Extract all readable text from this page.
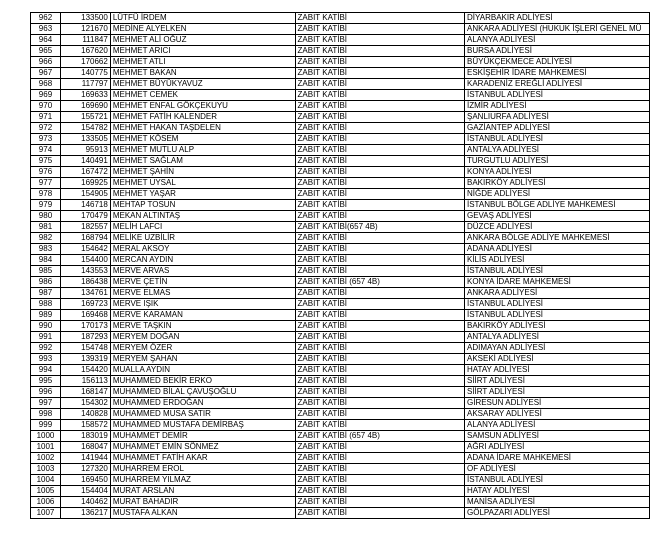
962	133500	LÜTFÜ İRDEM	ZABIT KATİBİ	DİYARBAKIR ADLİYESİ
963	121670	MEDİNE ALYELKEN	ZABIT KATİBİ	ANKARA ADLİYESİ (HUKUK İŞLERİ GENEL MÜ
964	111847	MEHMET ALİ OĞUZ	ZABIT KATİBİ	ALANYA ADLİYESİ
965	167620	MEHMET ARICI	ZABIT KATİBİ	BURSA ADLİYESİ
966	170662	MEHMET ATLI	ZABIT KATİBİ	BÜYÜKÇEKMECE ADLİYESİ
967	140775	MEHMET BAKAN	ZABIT KATİBİ	ESKİŞEHİR İDARE MAHKEMESİ
968	117797	MEHMET BÜYÜKYAVUZ	ZABIT KATİBİ	KARADENİZ EREĞLİ ADLİYESİ
969	169633	MEHMET CEMEK	ZABIT KATİBİ	İSTANBUL ADLİYESİ
970	169690	MEHMET ENFAL GÖKÇEKUYU	ZABIT KATİBİ	İZMİR ADLİYESİ
971	155721	MEHMET FATİH KALENDER	ZABIT KATİBİ	ŞANLIURFA ADLİYESİ
972	154782	MEHMET HAKAN TAŞDELEN	ZABIT KATİBİ	GAZİANTEP ADLİYESİ
973	133505	MEHMET KÖSEM	ZABIT KATİBİ	İSTANBUL ADLİYESİ
974	95913	MEHMET MUTLU ALP	ZABIT KATİBİ	ANTALYA ADLİYESİ
975	140491	MEHMET SAĞLAM	ZABIT KATİBİ	TURGUTLU ADLİYESİ
976	167472	MEHMET ŞAHİN	ZABIT KATİBİ	KONYA ADLİYESİ
977	169925	MEHMET UYSAL	ZABIT KATİBİ	BAKIRKÖY ADLİYESİ
978	154905	MEHMET YAŞAR	ZABIT KATİBİ	NİĞDE ADLİYESİ
979	146718	MEHTAP TOSUN	ZABIT KATİBİ	İSTANBUL BÖLGE ADLİYE MAHKEMESİ
980	170479	MEKAN ALTINTAŞ	ZABIT KATİBİ	GEVAŞ ADLİYESİ
981	182557	MELİH LAFCI	ZABIT KATİBİ(657 4B)	DÜZCE ADLİYESİ
982	168794	MELİKE UZBİLİR	ZABIT KATİBİ	ANKARA BÖLGE ADLİYE MAHKEMESİ
983	154642	MERAL AKSOY	ZABIT KATİBİ	ADANA ADLİYESİ
984	154400	MERCAN AYDIN	ZABIT KATİBİ	KİLİS ADLİYESİ
985	143553	MERVE ARVAS	ZABIT KATİBİ	İSTANBUL ADLİYESİ
986	186438	MERVE ÇETİN	ZABIT KATİBİ (657 4B)	KONYA İDARE MAHKEMESİ
987	134761	MERVE ELMAS	ZABIT KATİBİ	ANKARA ADLİYESİ
988	169723	MERVE IŞIK	ZABIT KATİBİ	İSTANBUL ADLİYESİ
989	169468	MERVE KARAMAN	ZABIT KATİBİ	İSTANBUL ADLİYESİ
990	170173	MERVE TAŞKIN	ZABIT KATİBİ	BAKIRKÖY ADLİYESİ
991	187293	MERYEM DOĞAN	ZABIT KATİBİ	ANTALYA ADLİYESİ
992	154748	MERYEM ÖZER	ZABIT KATİBİ	ADIMAYAN ADLİYESİ
993	139319	MERYEM ŞAHAN	ZABIT KATİBİ	AKSEKİ ADLİYESİ
994	154420	MUALLA AYDIN	ZABIT KATİBİ	HATAY ADLİYESİ
995	156113	MUHAMMED BEKİR ERKO	ZABIT KATİBİ	SİİRT ADLİYESİ
996	168147	MUHAMMED BİLAL ÇAVUŞOĞLU	ZABIT KATİBİ	SİİRT ADLİYESİ
997	154302	MUHAMMED ERDOĞAN	ZABIT KATİBİ	GİRESUN ADLİYESİ
998	140828	MUHAMMED MUSA SATIR	ZABIT KATİBİ	AKSARAY ADLİYESİ
999	158572	MUHAMMED MUSTAFA DEMİRBAŞ	ZABIT KATİBİ	ALANYA ADLİYESİ
1000	183019	MUHAMMET DEMİR	ZABIT KATİBİ (657 4B)	SAMSUN ADLİYESİ
1001	168047	MUHAMMET EMİN SÖNMEZ	ZABIT KATİBİ	AĞRI ADLİYESİ
1002	141944	MUHAMMET FATİH AKAR	ZABIT KATİBİ	ADANA İDARE MAHKEMESİ
1003	127320	MUHARREM EROL	ZABIT KATİBİ	OF ADLİYESİ
1004	169450	MUHARREM YILMAZ	ZABIT KATİBİ	İSTANBUL ADLİYESİ
1005	154404	MURAT ARSLAN	ZABIT KATİBİ	HATAY ADLİYESİ
1006	140462	MURAT BAHADIR	ZABIT KATİBİ	MANİSA ADLİYESİ
1007	136217	MUSTAFA ALKAN	ZABIT KATİBİ	GÖLPAZARI ADLİYESİ
